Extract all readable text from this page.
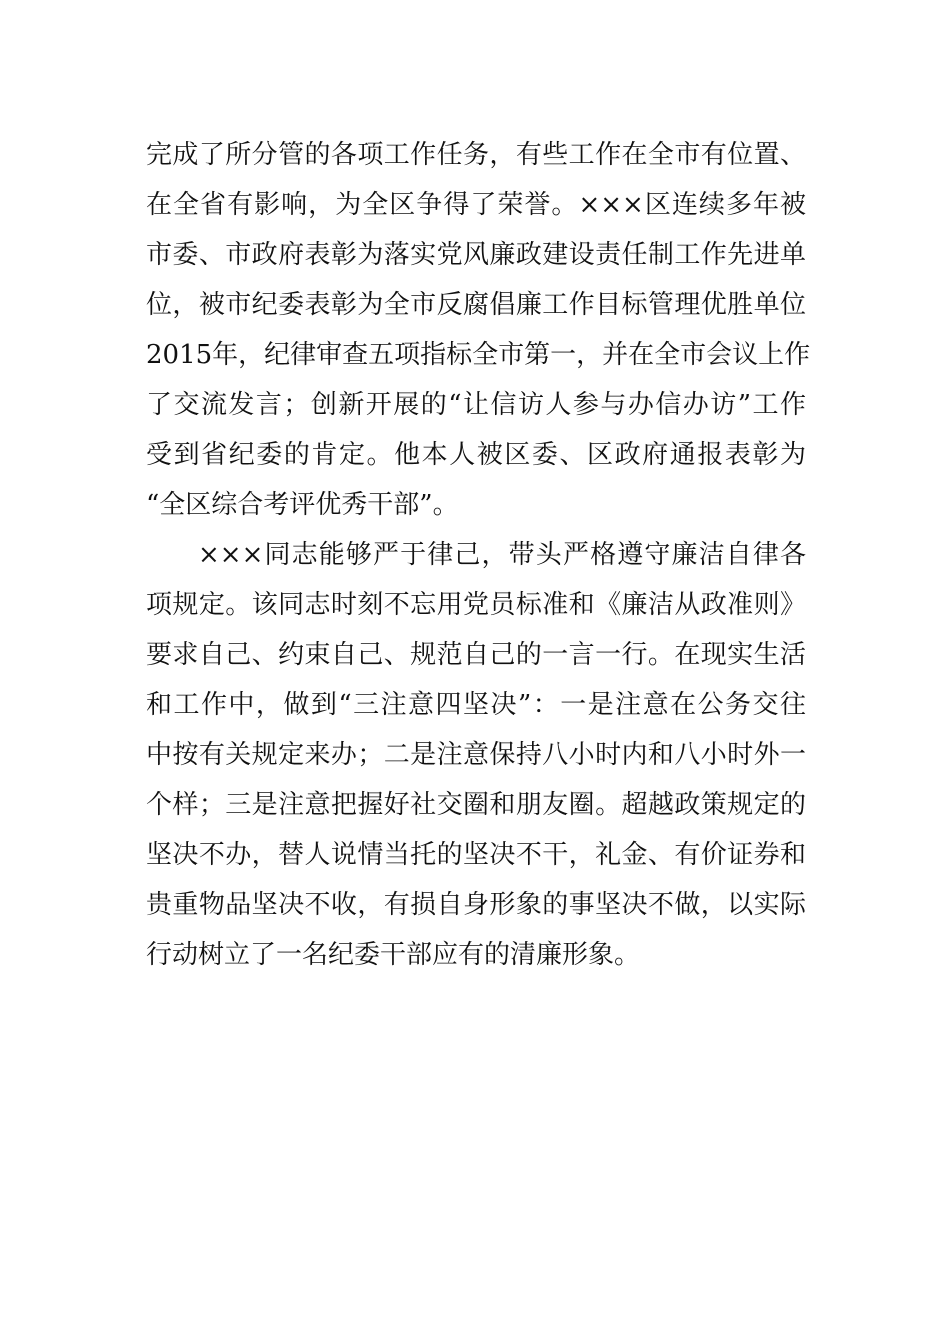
完成了所分管的各项工作任务，有些工作在全市有位置、
在全省有影响，为全区争得了荣誉。×××区连续多年被
市委、市政府表彰为落实党风廉政建设责任制工作先进单
位，被市纪委表彰为全市反腐倡廉工作目标管理优胜单位
2015年，纪律审查五项指标全市第一，并在全市会议上作
了交流发言；创新开展的“让信访人参与办信办访”工作
受到省纪委的肯定。他本人被区委、区政府通报表彰为
“全区综合考评优秀干部”。
×××同志能够严于律己，带头严格遵守廉洁自律各
项规定。该同志时刻不忘用党员标准和《廉洁从政准则》
要求自己、约束自己、规范自己的一言一行。在现实生活
和工作中，做到“三注意四坚决”：一是注意在公务交往
中按有关规定来办；二是注意保持八小时内和八小时外一
个样；三是注意把握好社交圈和朋友圈。超越政策规定的
坚决不办，替人说情当托的坚决不干，礼金、有价证券和
贵重物品坚决不收，有损自身形象的事坚决不做，以实际
行动树立了一名纪委干部应有的清廉形象。
